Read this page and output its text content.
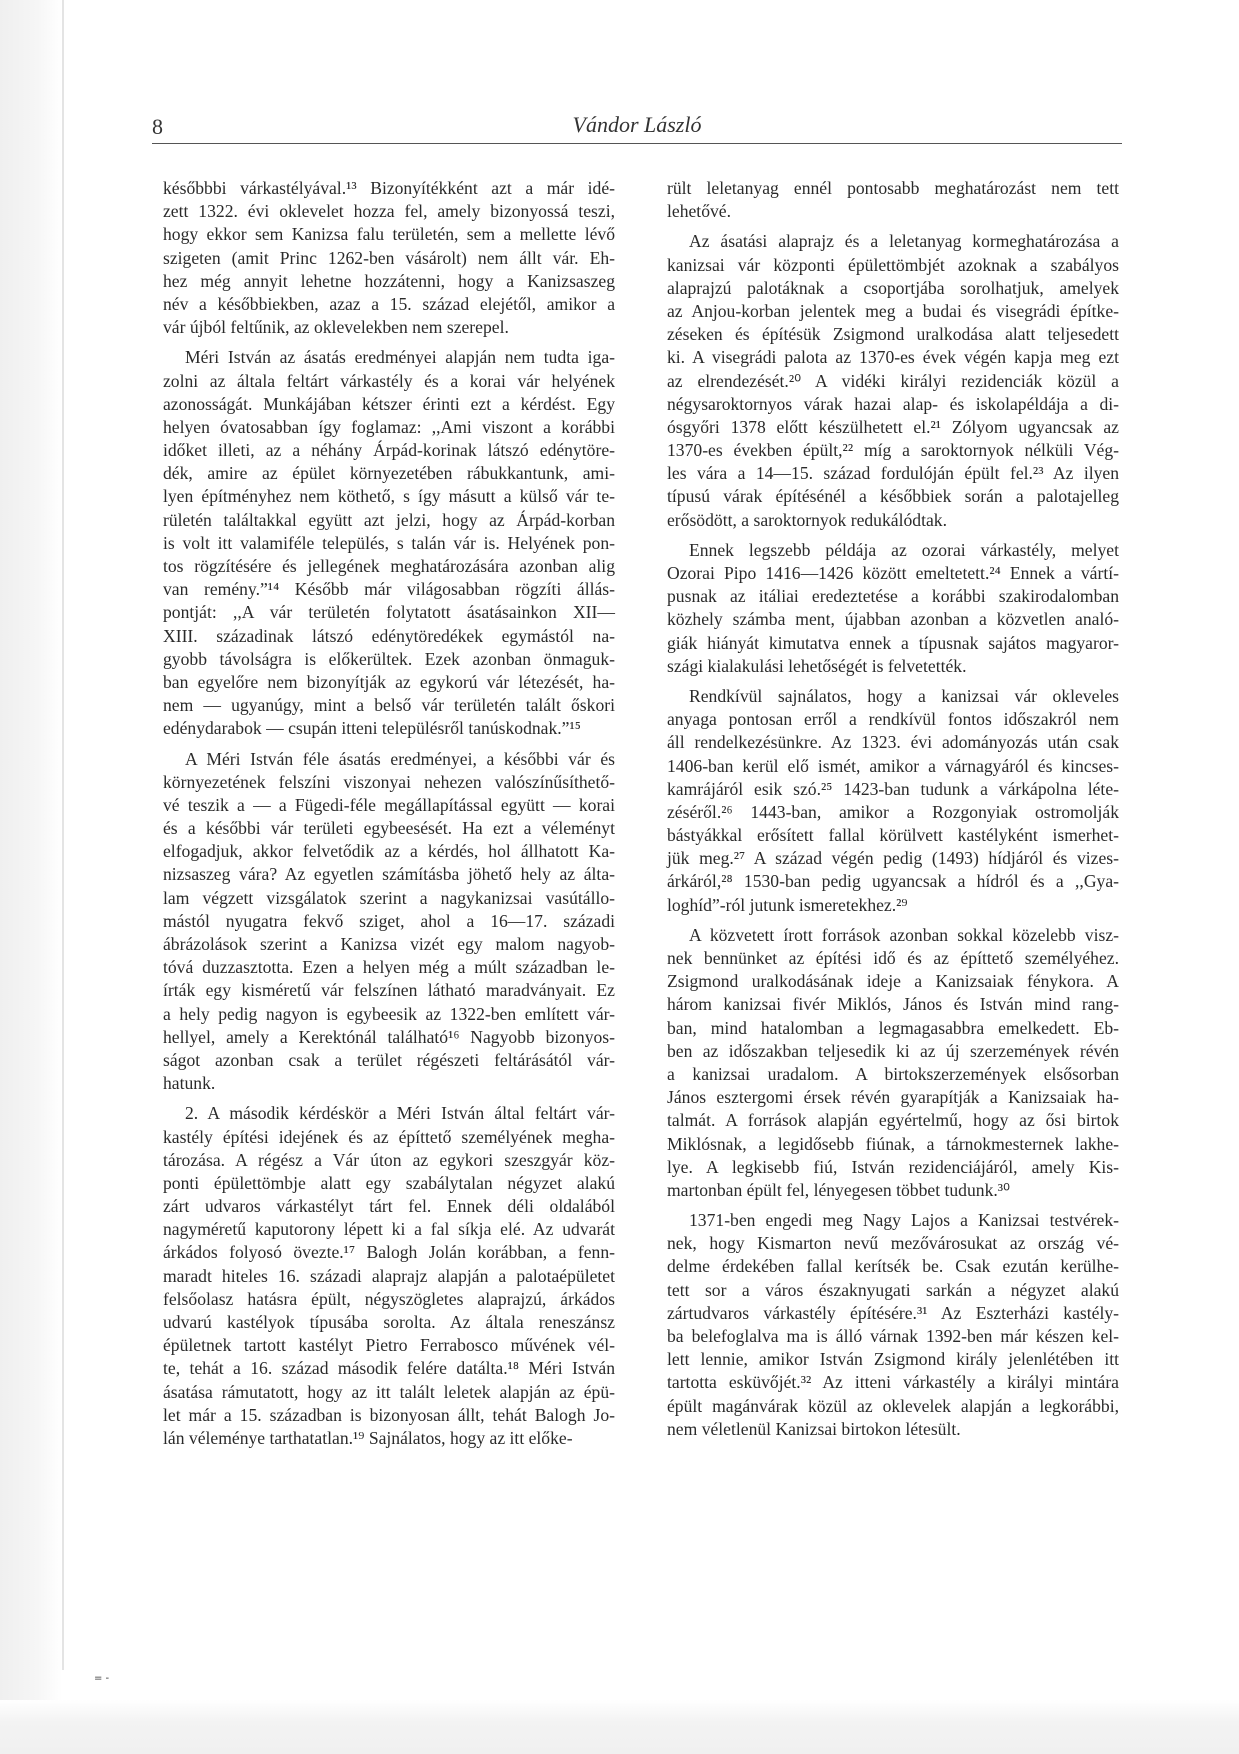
8	Vándor László
későbbbi várkastélyával.¹³ Bizonyítékként azt a már idé-
zett 1322. évi oklevelet hozza fel, amely bizonyossá teszi,
hogy ekkor sem Kanizsa falu területén, sem a mellette lévő
szigeten (amit Princ 1262-ben vásárolt) nem állt vár. Eh-
hez még annyit lehetne hozzátenni, hogy a Kanizsaszeg
név a későbbiekben, azaz a 15. század elejétől, amikor a
vár újból feltűnik, az oklevelekben nem szerepel.
Méri István az ásatás eredményei alapján nem tudta iga-
zolni az általa feltárt várkastély és a korai vár helyének
azonosságát. Munkájában kétszer érinti ezt a kérdést. Egy
helyen óvatosabban így foglamaz: ,,Ami viszont a korábbi
időket illeti, az a néhány Árpád-korinak látszó edénytöre-
dék, amire az épület környezetében rábukkantunk, ami-
lyen építményhez nem köthető, s így másutt a külső vár te-
rületén találtakkal együtt azt jelzi, hogy az Árpád-korban
is volt itt valamiféle település, s talán vár is. Helyének pon-
tos rögzítésére és jellegének meghatározására azonban alig
van remény.”¹⁴ Később már világosabban rögzíti állás-
pontját: ,,A vár területén folytatott ásatásainkon XII—
XIII. századinak látszó edénytöredékek egymástól na-
gyobb távolságra is előkerültek. Ezek azonban önmaguk-
ban egyelőre nem bizonyítják az egykorú vár létezését, ha-
nem — ugyanúgy, mint a belső vár területén talált őskori
edénydarabok — csupán itteni településről tanúskodnak.”¹⁵
A Méri István féle ásatás eredményei, a későbbi vár és
környezetének felszíni viszonyai nehezen valószínűsíthető-
vé teszik a — a Fügedi-féle megállapítással együtt — korai
és a későbbi vár területi egybeesését. Ha ezt a véleményt
elfogadjuk, akkor felvetődik az a kérdés, hol állhatott Ka-
nizsaszeg vára? Az egyetlen számításba jöhető hely az álta-
lam végzett vizsgálatok szerint a nagykanizsai vasútállo-
mástól nyugatra fekvő sziget, ahol a 16—17. századi
ábrázolások szerint a Kanizsa vizét egy malom nagyob-
tóvá duzzasztotta. Ezen a helyen még a múlt században le-
írták egy kisméretű vár felszínen látható maradványait. Ez
a hely pedig nagyon is egybeesik az 1322-ben említett vár-
hellyel, amely a Kerektónál található¹⁶ Nagyobb bizonyos-
ságot azonban csak a terület régészeti feltárásától vár-
hatunk.
2. A második kérdéskör a Méri István által feltárt vár-
kastély építési idejének és az építtető személyének megha-
tározása. A régész a Vár úton az egykori szeszgyár köz-
ponti épülettömbje alatt egy szabálytalan négyzet alakú
zárt udvaros várkastélyt tárt fel. Ennek déli oldalából
nagyméretű kaputorony lépett ki a fal síkja elé. Az udvarát
árkádos folyosó övezte.¹⁷ Balogh Jolán korábban, a fenn-
maradt hiteles 16. századi alaprajz alapján a palotaépületet
felsőolasz hatásra épült, négyszögletes alaprajzú, árkádos
udvarú kastélyok típusába sorolta. Az általa reneszánsz
épületnek tartott kastélyt Pietro Ferrabosco művének vél-
te, tehát a 16. század második felére datálta.¹⁸ Méri István
ásatása rámutatott, hogy az itt talált leletek alapján az épü-
let már a 15. században is bizonyosan állt, tehát Balogh Jo-
lán véleménye tarthatatlan.¹⁹ Sajnálatos, hogy az itt előke-
rült leletanyag ennél pontosabb meghatározást nem tett
lehetővé.
Az ásatási alaprajz és a leletanyag kormeghatározása a
kanizsai vár központi épülettömbjét azoknak a szabályos
alaprajzú palotáknak a csoportjába sorolhatjuk, amelyek
az Anjou-korban jelentek meg a budai és visegrádi építke-
zéseken és építésük Zsigmond uralkodása alatt teljesedett
ki. A visegrádi palota az 1370-es évek végén kapja meg ezt
az elrendezését.²⁰ A vidéki királyi rezidenciák közül a
négysaroktornyos várak hazai alap- és iskolapéldája a di-
ósgyőri 1378 előtt készülhetett el.²¹ Zólyom ugyancsak az
1370-es években épült,²² míg a saroktornyok nélküli Vég-
les vára a 14—15. század fordulóján épült fel.²³ Az ilyen
típusú várak építésénél a későbbiek során a palotajelleg
erősödött, a saroktornyok redukálódtak.
Ennek legszebb példája az ozorai várkastély, melyet
Ozorai Pipo 1416—1426 között emeltetett.²⁴ Ennek a vártí-
pusnak az itáliai eredeztetése a korábbi szakirodalomban
közhely számba ment, újabban azonban a közvetlen analó-
giák hiányát kimutatva ennek a típusnak sajátos magyaror-
szági kialakulási lehetőségét is felvetették.
Rendkívül sajnálatos, hogy a kanizsai vár okleveles
anyaga pontosan erről a rendkívül fontos időszakról nem
áll rendelkezésünkre. Az 1323. évi adományozás után csak
1406-ban kerül elő ismét, amikor a várnagyáról és kincses-
kamrájáról esik szó.²⁵ 1423-ban tudunk a várkápolna léte-
zéséről.²⁶ 1443-ban, amikor a Rozgonyiak ostromolják
bástyákkal erősített fallal körülvett kastélyként ismerhet-
jük meg.²⁷ A század végén pedig (1493) hídjáról és vizes-
árkáról,²⁸ 1530-ban pedig ugyancsak a hídról és a ,,Gya-
loghíd”-ról jutunk ismeretekhez.²⁹
A közvetett írott források azonban sokkal közelebb visz-
nek bennünket az építési idő és az építtető személyéhez.
Zsigmond uralkodásának ideje a Kanizsaiak fénykora. A
három kanizsai fivér Miklós, János és István mind rang-
ban, mind hatalomban a legmagasabbra emelkedett. Eb-
ben az időszakban teljesedik ki az új szerzemények révén
a kanizsai uradalom. A birtokszerzemények elsősorban
János esztergomi érsek révén gyarapítják a Kanizsaiak ha-
talmát. A források alapján egyértelmű, hogy az ősi birtok
Miklósnak, a legidősebb fiúnak, a tárnokmesternek lakhe-
lye. A legkisebb fiú, István rezidenciájáról, amely Kis-
martonban épült fel, lényegesen többet tudunk.³⁰
1371-ben engedi meg Nagy Lajos a Kanizsai testvérek-
nek, hogy Kismarton nevű mezővárosukat az ország vé-
delme érdekében fallal kerítsék be. Csak ezután kerülhe-
tett sor a város északnyugati sarkán a négyzet alakú
zártudvaros várkastély építésére.³¹ Az Eszterházi kastély-
ba belefoglalva ma is álló várnak 1392-ben már készen kel-
lett lennie, amikor István Zsigmond király jelenlétében itt
tartotta esküvőjét.³² Az itteni várkastély a királyi mintára
épült magánvárak közül az oklevelek alapján a legkorábbi,
nem véletlenül Kanizsai birtokon létesült.
= -
